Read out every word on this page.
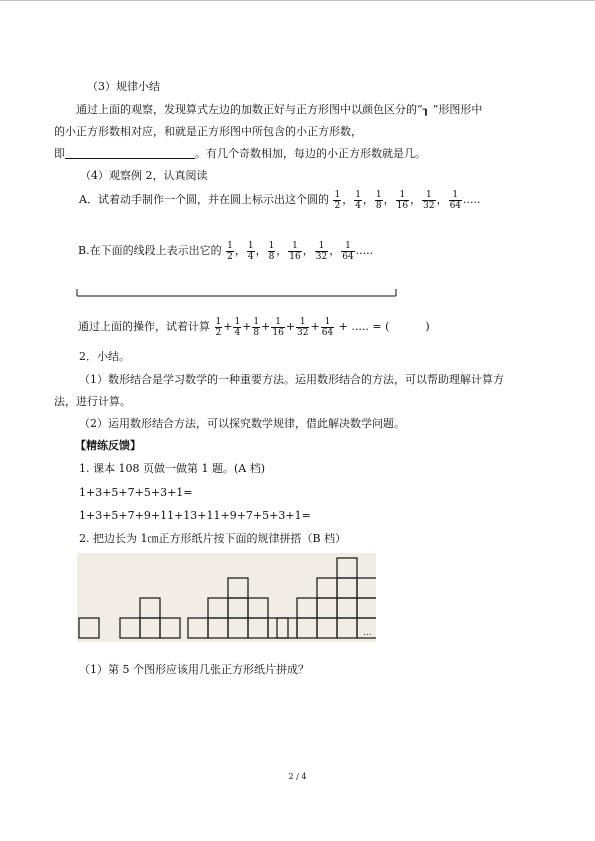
（3）规律小结
通过上面的观察，发现算式左边的加数正好与正方形图中以颜色区分的“┒ ”形图形中
的小正方形数相对应，和就是正方形图中所包含的小正方形数，
即	。有几个奇数相加，每边的小正方形数就是几。
（4）观察例 2，认真阅读
A．试着动手制作一个圆，并在圆上标示出这个圆的 $\frac{1}{2}$ ， $\frac{1}{4}$ ， $\frac{1}{8}$ ， $\frac{1}{16}$ ， $\frac{1}{32}$ ， $\frac{1}{64}$ .....
B.在下面的线段上表示出它的 $\frac{1}{2}$ ， $\frac{1}{4}$ ， $\frac{1}{8}$ ， $\frac{1}{16}$ ， $\frac{1}{32}$ ， $\frac{1}{64}$ .....
通过上面的操作，试着计算 $\frac{1}{2} + \frac{1}{4} + \frac{1}{8} + \frac{1}{16} + \frac{1}{32} + \frac{1}{64}$ + ..... = (	)
2．小结。
（1）数形结合是学习数学的一种重要方法。运用数形结合的方法，可以帮助理解计算方
法，进行计算。
（2）运用数形结合方法，可以探究数学规律，借此解决数学问题。
【精练反馈】
1. 课本 108 页做一做第 1 题。(A 档)
1+3+5+7+5+3+1=
1+3+5+7+9+11+13+11+9+7+5+3+1=
2. 把边长为 1㎝正方形纸片按下面的规律拼搭（B 档）
...
（1）第 5 个图形应该用几张正方形纸片拼成？
2 / 4
